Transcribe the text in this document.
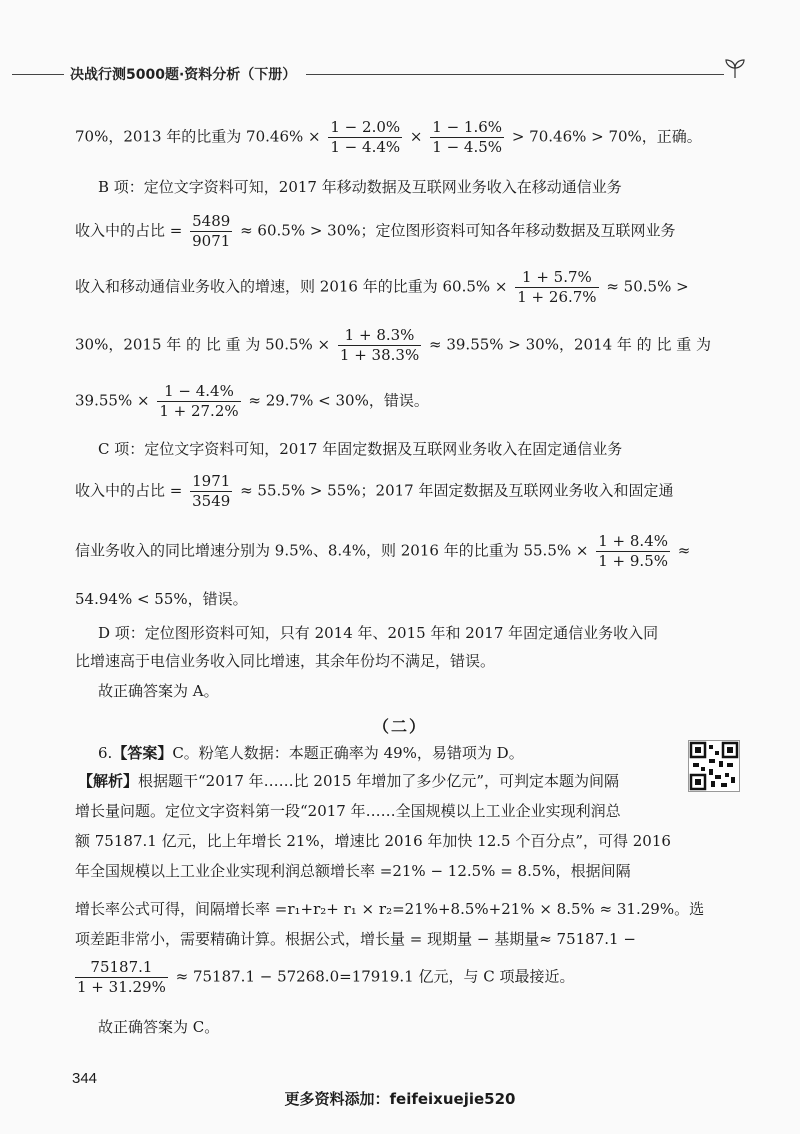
决战行测5000题·资料分析（下册）
70%，2013 年的比重为 $70.46\% \times \frac{1 - 2.0\%}{1 - 4.4\%} \times \frac{1 - 1.6\%}{1 - 4.5\%} > 70.46\% > 70\%$，正确。
B 项：定位文字资料可知，2017 年移动数据及互联网业务收入在移动通信业务
收入中的占比 = $\frac{5489}{9071} \approx 60.5\% > 30\%$；定位图形资料可知各年移动数据及互联网业务
收入和移动通信业务收入的增速，则 2016 年的比重为 $60.5\% \times \frac{1 + 5.7\%}{1 + 26.7\%} \approx 50.5\%$ >
30%，2015 年 的 比 重 为 $50.5\% \times \frac{1 + 8.3\%}{1 + 38.3\%} \approx 39.55\% > 30\%$，2014 年 的 比 重 为
$39.55\% \times \frac{1 - 4.4\%}{1 + 27.2\%} \approx 29.7\% < 30\%$，错误。
C 项：定位文字资料可知，2017 年固定数据及互联网业务收入在固定通信业务
收入中的占比 = $\frac{1971}{3549} \approx 55.5\% > 55\%$；2017 年固定数据及互联网业务收入和固定通
信业务收入的同比增速分别为 9.5%、8.4%，则 2016 年的比重为 $55.5\% \times \frac{1 + 8.4\%}{1 + 9.5\%}$ ≈
54.94% < 55%，错误。
D 项：定位图形资料可知，只有 2014 年、2015 年和 2017 年固定通信业务收入同
比增速高于电信业务收入同比增速，其余年份均不满足，错误。
故正确答案为 A。
（二）
6.【答案】C。粉笔人数据：本题正确率为 49%，易错项为 D。
【解析】根据题干“2017 年……比 2015 年增加了多少亿元”，可判定本题为间隔
增长量问题。定位文字资料第一段“2017 年……全国规模以上工业企业实现利润总
额 75187.1 亿元，比上年增长 21%，增速比 2016 年加快 12.5 个百分点”，可得 2016
年全国规模以上工业企业实现利润总额增长率 =21% − 12.5% = 8.5%，根据间隔
增长率公式可得，间隔增长率 =r₁+r₂+ r₁ × r₂=21%+8.5%+21% × 8.5% ≈ 31.29%。选
项差距非常小，需要精确计算。根据公式，增长量 = 现期量 − 基期量≈ 75187.1 −
$\frac{75187.1}{1 + 31.29\%} \approx 75187.1 - 57268.0=17919.1$ 亿元，与 C 项最接近。
故正确答案为 C。
344
更多资料添加：feifeixuejie520
